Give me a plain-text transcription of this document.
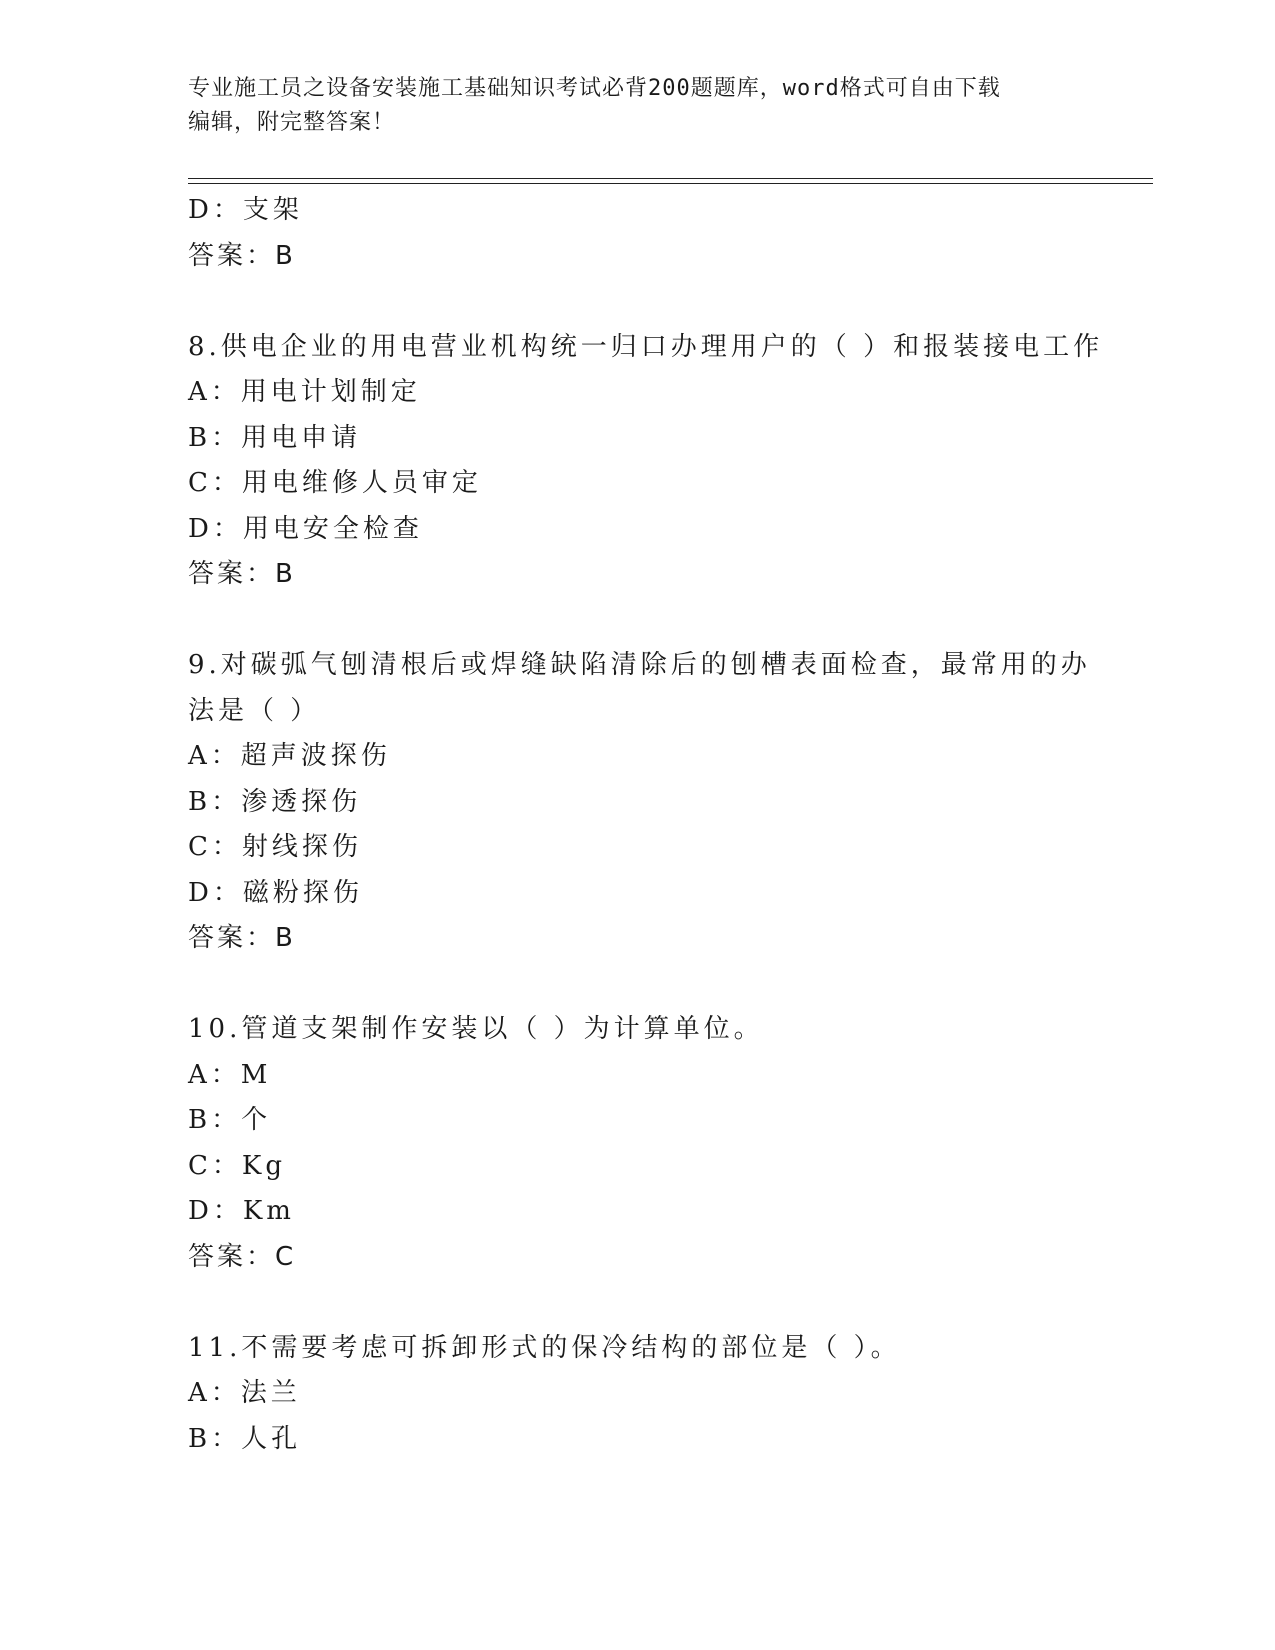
专业施工员之设备安装施工基础知识考试必背200题题库，word格式可自由下载
编辑，附完整答案！
D：支架
答案：B
8.供电企业的用电营业机构统一归口办理用户的（ ）和报装接电工作
A：用电计划制定
B：用电申请
C：用电维修人员审定
D：用电安全检查
答案：B
9.对碳弧气刨清根后或焊缝缺陷清除后的刨槽表面检查，最常用的办
法是（ ）
A：超声波探伤
B：渗透探伤
C：射线探伤
D：磁粉探伤
答案：B
10.管道支架制作安装以（ ）为计算单位。
A：M
B：个
C：Kg
D：Km
答案：C
11.不需要考虑可拆卸形式的保冷结构的部位是（ ）。
A：法兰
B：人孔
